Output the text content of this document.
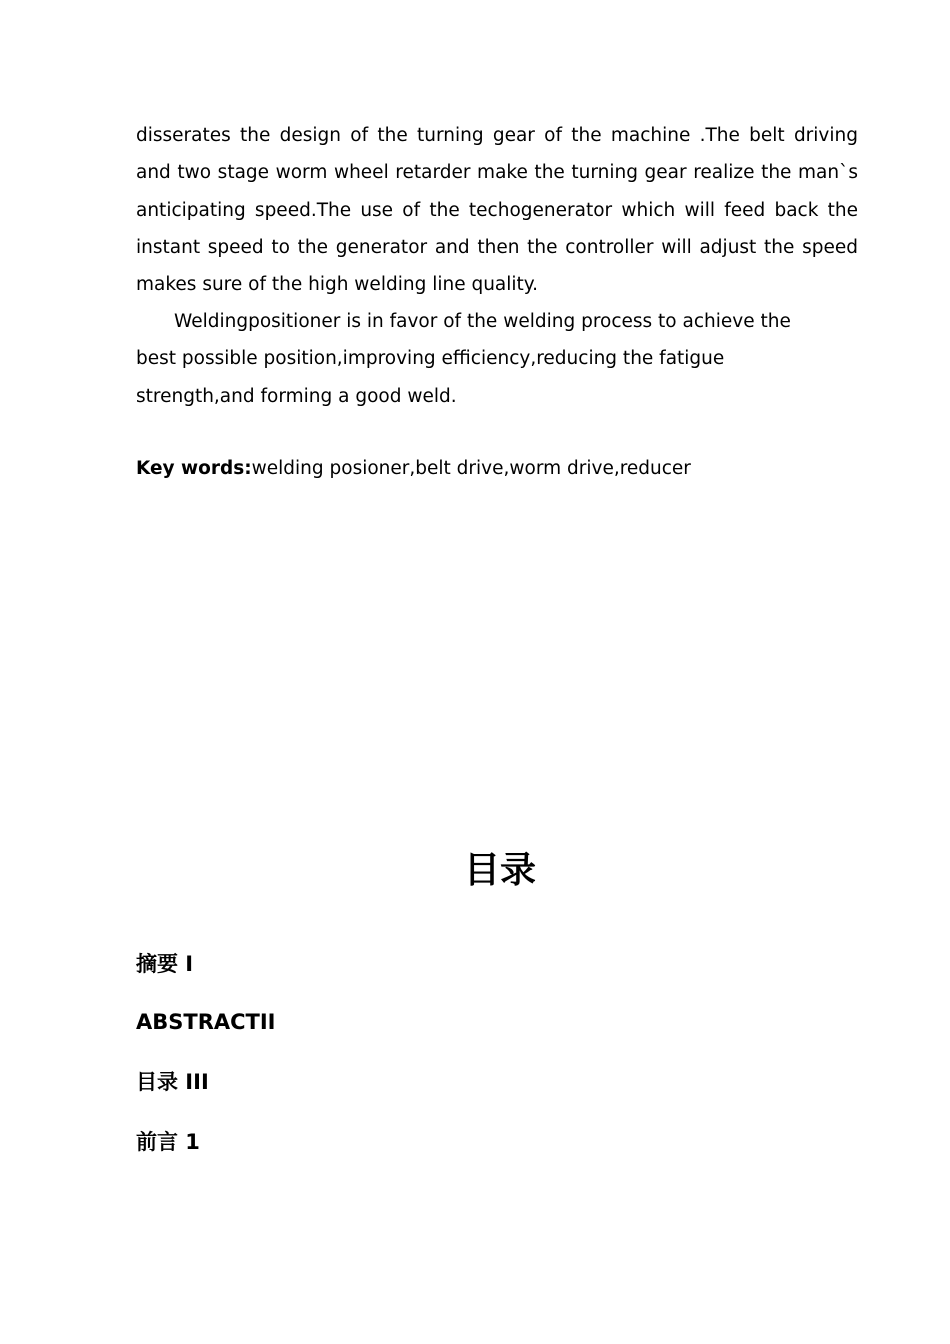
disserates the design of the turning gear of the machine .The belt driving and two stage worm wheel retarder make the turning gear realize the man`s anticipating speed.The use of the techogenerator which will feed back the instant speed to the generator and then the controller will adjust the speed makes sure of the high welding line quality.

Weldingpositioner is in favor of the welding process to achieve the best possible position,improving efficiency,reducing the fatigue strength,and forming a good weld.

Key words:welding posioner,belt drive,worm drive,reducer

目录
摘要 I
ABSTRACTII
目录 III
前言 1
